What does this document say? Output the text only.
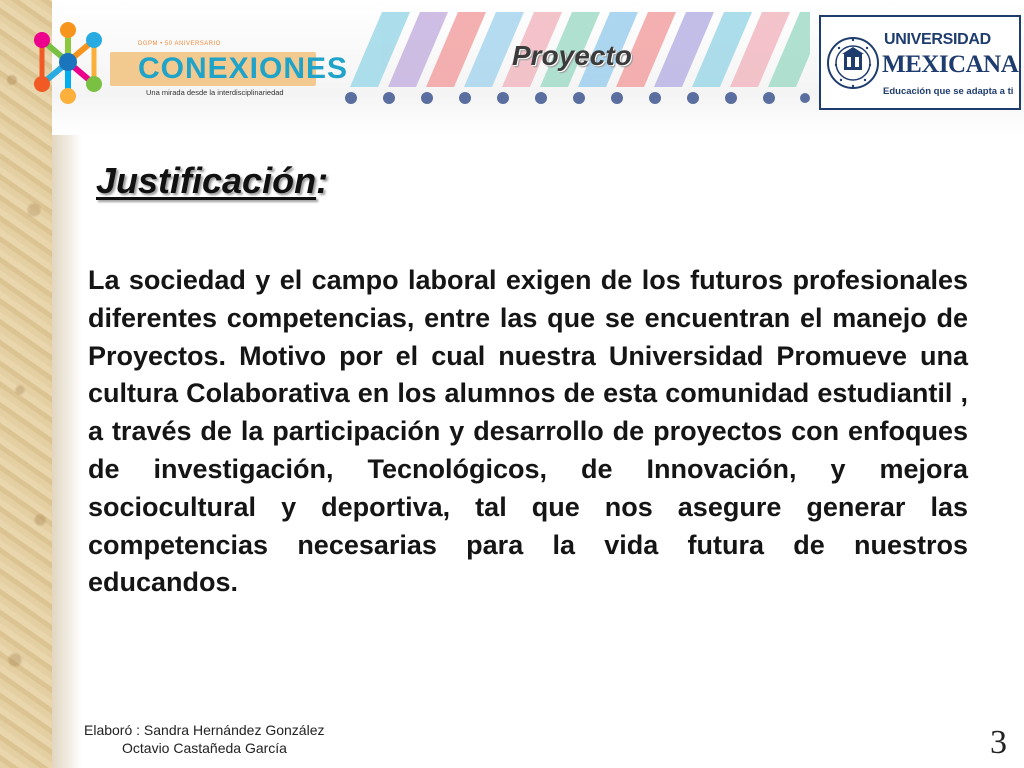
DGPM • 50 ANIVERSARIO
CONEXIONES
Una mirada desde la interdisciplinariedad
Proyecto
UNIVERSIDAD
MEXICANA
Educación que se adapta a ti
Justificación:

La sociedad y el campo laboral exigen de los futuros profesionales diferentes competencias, entre las que se encuentran el manejo de Proyectos. Motivo por el cual nuestra Universidad Promueve una cultura Colaborativa en los alumnos de esta comunidad estudiantil , a través de la participación y desarrollo de proyectos con enfoques de investigación, Tecnológicos, de Innovación, y mejora sociocultural y deportiva, tal que nos asegure generar las competencias necesarias para la vida futura de nuestros educandos.

Elaboró : Sandra Hernández González
Octavio Castañeda García	3
